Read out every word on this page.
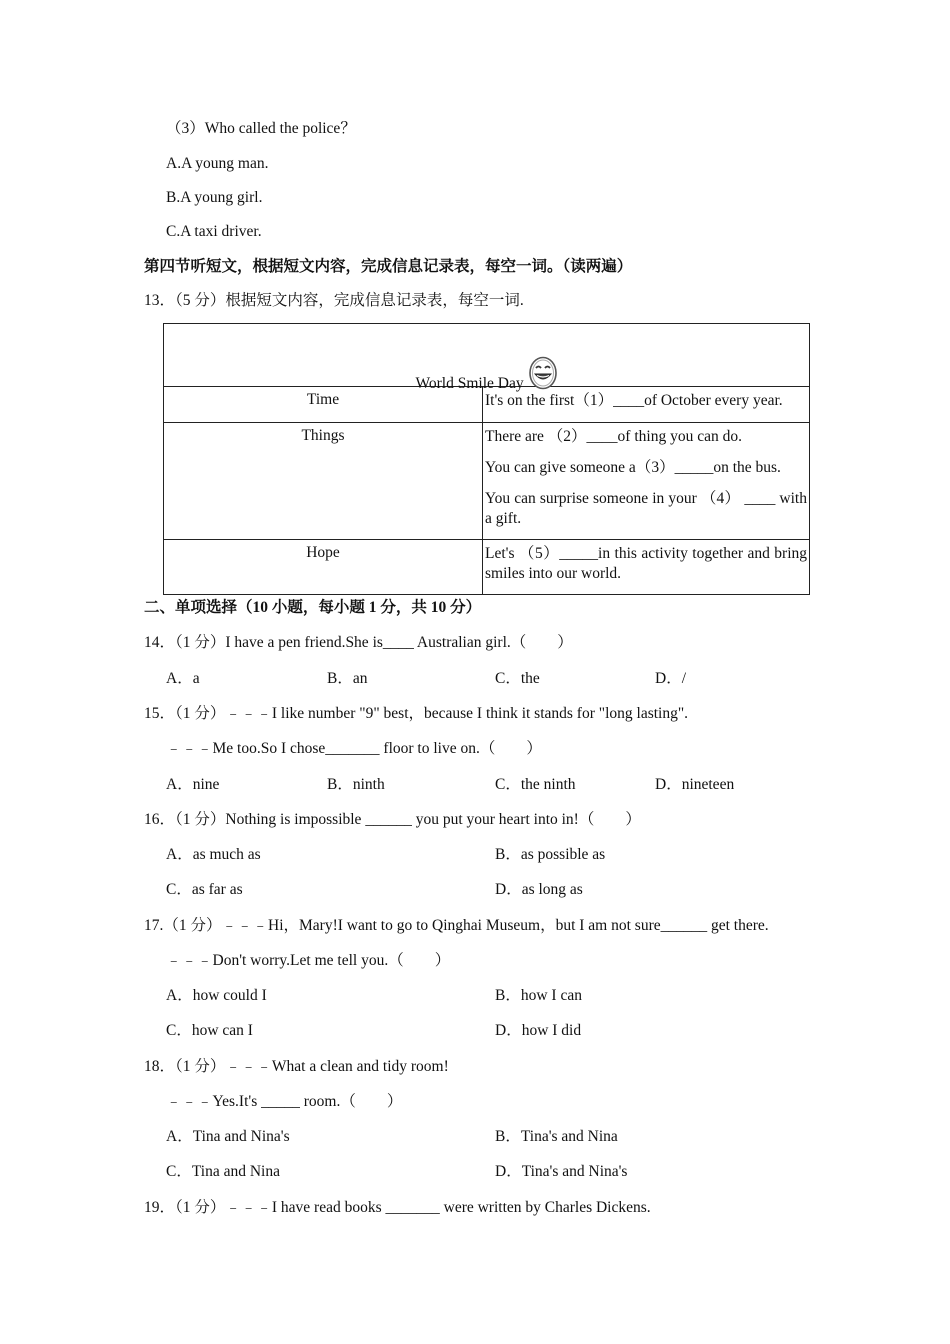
（3）Who called the police？
A.A young man.
B.A young girl.
C.A taxi driver.
第四节听短文，根据短文内容，完成信息记录表，每空一词。（读两遍）
13．（5 分）根据短文内容，完成信息记录表，每空一词.
World Smile Day	

Time	It's on the first（1）____of October every year.

Things	There are （2）____of thing you can do.

You can give someone a（3）_____on the bus.

You can surprise someone in your （4） ____ with a gift.

Hope	Let's （5）_____in this activity together and bring smiles into our world.

二、单项选择（10 小题，每小题 1 分，共 10 分）
14．（1 分）I have a pen friend.She is____ Australian girl.（　　）
A．a	B．an	C．the	D．/
15．（1 分）﹣﹣﹣I like number "9" best，because I think it stands for "long lasting".
﹣﹣﹣Me too.So I chose_______ floor to live on.（　　）
A．nine	B．ninth	C．the ninth	D．nineteen
16．（1 分）Nothing is impossible ______ you put your heart into in!（　　）
A．as much as	B．as possible as
C．as far as	D．as long as
17.（1 分）﹣﹣﹣Hi，Mary!I want to go to Qinghai Museum，but I am not sure______ get there.
﹣﹣﹣Don't worry.Let me tell you.（　　）
A．how could I	B．how I can
C．how can I	D．how I did
18．（1 分）﹣﹣﹣What a clean and tidy room!
﹣﹣﹣Yes.It's _____ room.（　　）
A．Tina and Nina's	B．Tina's and Nina
C．Tina and Nina	D．Tina's and Nina's
19．（1 分）﹣﹣﹣I have read books _______ were written by Charles Dickens.
